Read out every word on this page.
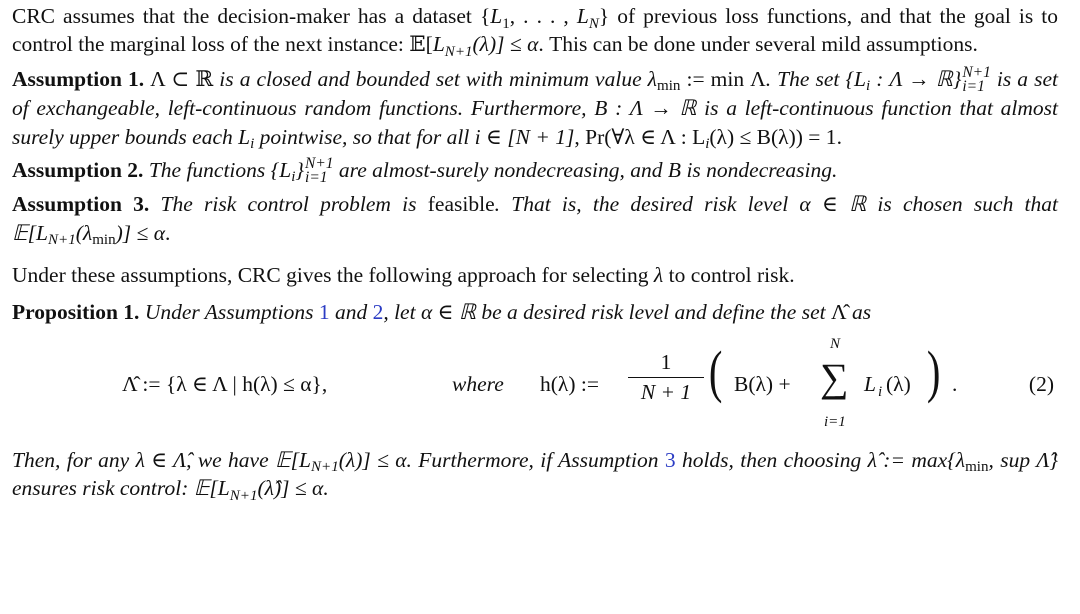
CRC assumes that the decision-maker has a dataset {$L_1$, . . . , $L_N$} of previous loss functions, and that the goal is to control the marginal loss of the next instance: $𝔼[L_{N+1}(\lambda)] \le \alpha$. This can be done under several mild assumptions.

Assumption 1. Λ ⊂ ℝ is a closed and bounded set with minimum value $\lambda_{min}$ := min Λ. The set {$L_i$ : Λ → ℝ} N+1
i=1 is a set of exchangeable, left-continuous random functions. Furthermore, B : Λ → ℝ is a left-continuous function that almost surely upper bounds each $L_i$ pointwise, so that for all i ∈ [N + 1], Pr(∀λ ∈ Λ : $L_i(\lambda) \le B(\lambda)) = 1$.

Assumption 2. The functions $\{L_i\}$ N+1
i=1 are almost-surely nondecreasing, and B is nondecreasing.

Assumption 3. The risk control problem is feasible. That is, the desired risk level α ∈ ℝ is chosen such that $𝔼[L_{N+1}(\lambda_{min})] \le \alpha$.

Under these assumptions, CRC gives the following approach for selecting λ to control risk.

Proposition 1. Under Assumptions 1 and 2, let α ∈ ℝ be a desired risk level and define the set Λ̂ as

Λ̂ := {λ ∈ Λ | h(λ) ≤ α},	where h(λ) :=
1
N + 1 ( B(λ) +
N
∑
i=1
L i (λ) ) .	(2)

Then, for any λ ∈ Λ̂, we have $𝔼[L_{N+1}(\lambda)] \le \alpha$. Furthermore, if Assumption 3 holds, then choosing λ̂ := $\max\{\lambda_{min}$, sup Λ̂} ensures risk control: $𝔼[L_{N+1}(\lambdâ)] \le \alpha$.
